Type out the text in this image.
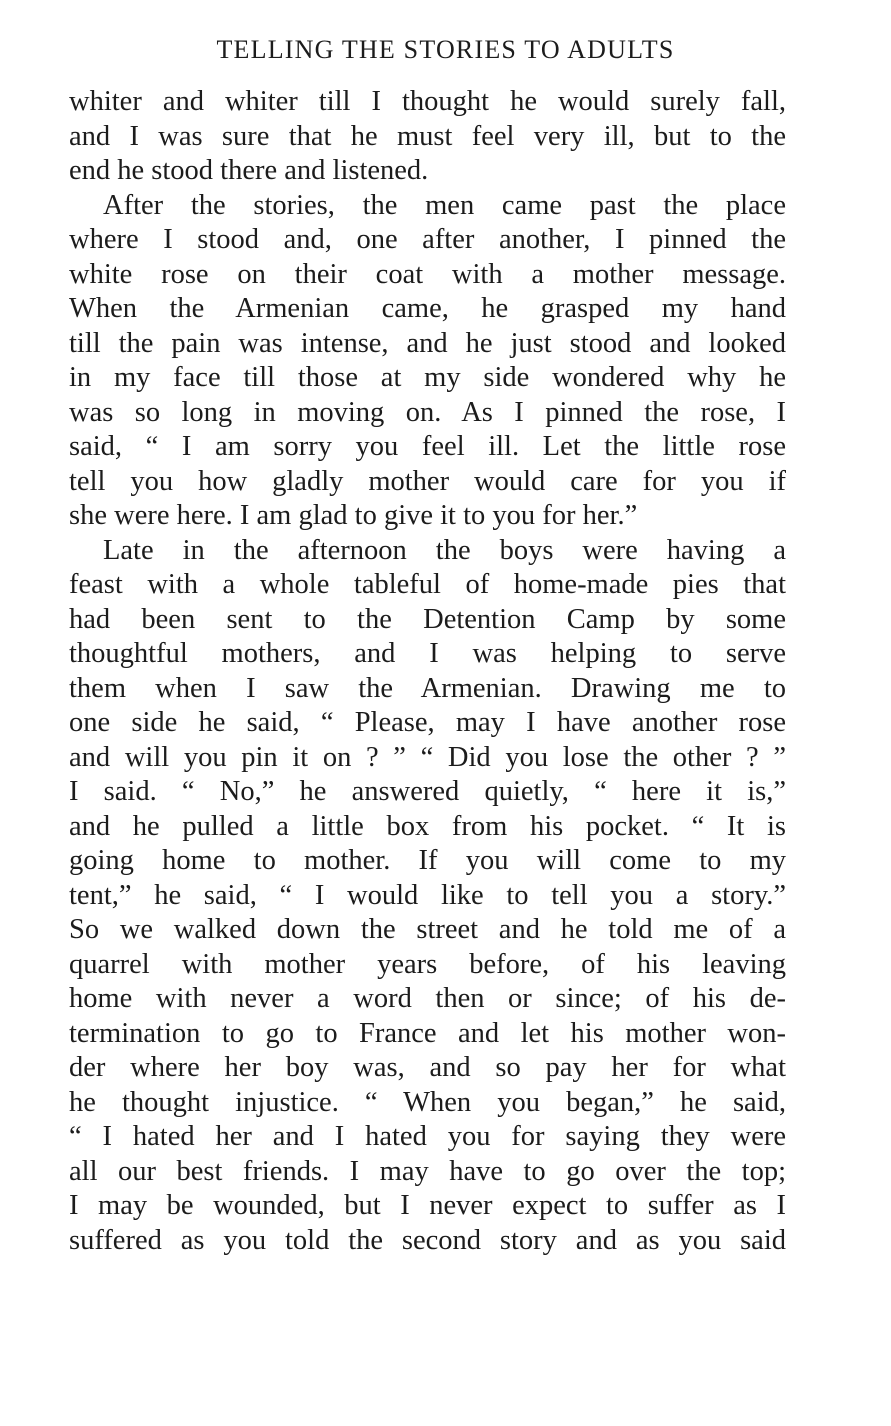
TELLING THE STORIES TO ADULTS
whiter and whiter till I thought he would surely fall,
and I was sure that he must feel very ill, but to the
end he stood there and listened.
After the stories, the men came past the place
where I stood and, one after another, I pinned the
white rose on their coat with a mother message.
When the Armenian came, he grasped my hand
till the pain was intense, and he just stood and looked
in my face till those at my side wondered why he
was so long in moving on. As I pinned the rose, I
said, “ I am sorry you feel ill. Let the little rose
tell you how gladly mother would care for you if
she were here. I am glad to give it to you for her.”
Late in the afternoon the boys were having a
feast with a whole tableful of home-made pies that
had been sent to the Detention Camp by some
thoughtful mothers, and I was helping to serve
them when I saw the Armenian. Drawing me to
one side he said, “ Please, may I have another rose
and will you pin it on ? ” “ Did you lose the other ? ”
I said. “ No,” he answered quietly, “ here it is,”
and he pulled a little box from his pocket. “ It is
going home to mother. If you will come to my
tent,” he said, “ I would like to tell you a story.”
So we walked down the street and he told me of a
quarrel with mother years before, of his leaving
home with never a word then or since; of his de-
termination to go to France and let his mother won-
der where her boy was, and so pay her for what
he thought injustice. “ When you began,” he said,
“ I hated her and I hated you for saying they were
all our best friends. I may have to go over the top;
I may be wounded, but I never expect to suffer as I
suffered as you told the second story and as you said
